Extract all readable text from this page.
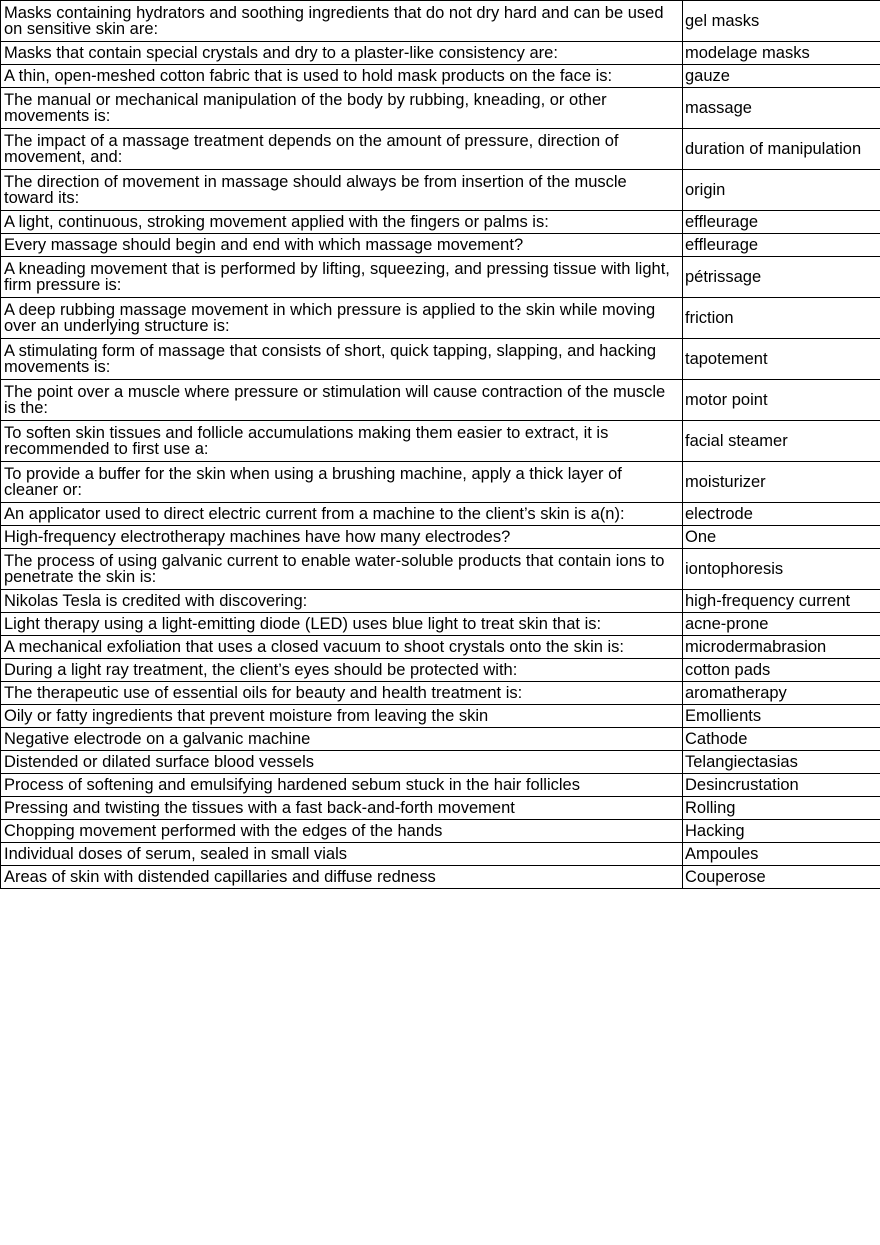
Masks containing hydrators and soothing ingredients that do not dry hard and can be used on sensitive skin are:	gel masks
Masks that contain special crystals and dry to a plaster-like consistency are:	modelage masks
A thin, open-meshed cotton fabric that is used to hold mask products on the face is:	gauze
The manual or mechanical manipulation of the body by rubbing, kneading, or other movements is:	massage
The impact of a massage treatment depends on the amount of pressure, direction of movement, and:	duration of manipulation
The direction of movement in massage should always be from insertion of the muscle toward its:	origin
A light, continuous, stroking movement applied with the fingers or palms is:	effleurage
Every massage should begin and end with which massage movement?	effleurage
A kneading movement that is performed by lifting, squeezing, and pressing tissue with light, firm pressure is:	pétrissage
A deep rubbing massage movement in which pressure is applied to the skin while moving over an underlying structure is:	friction
A stimulating form of massage that consists of short, quick tapping, slapping, and hacking movements is:	tapotement
The point over a muscle where pressure or stimulation will cause contraction of the muscle is the:	motor point
To soften skin tissues and follicle accumulations making them easier to extract, it is recommended to first use a:	facial steamer
To provide a buffer for the skin when using a brushing machine, apply a thick layer of cleaner or:	moisturizer
An applicator used to direct electric current from a machine to the client’s skin is a(n):	electrode
High-frequency electrotherapy machines have how many electrodes?	One
The process of using galvanic current to enable water-soluble products that contain ions to penetrate the skin is:	iontophoresis
Nikolas Tesla is credited with discovering:	high-frequency current
Light therapy using a light-emitting diode (LED) uses blue light to treat skin that is:	acne-prone
A mechanical exfoliation that uses a closed vacuum to shoot crystals onto the skin is:	microdermabrasion
During a light ray treatment, the client’s eyes should be protected with:	cotton pads
The therapeutic use of essential oils for beauty and health treatment is:	aromatherapy
Oily or fatty ingredients that prevent moisture from leaving the skin	Emollients
Negative electrode on a galvanic machine	Cathode
Distended or dilated surface blood vessels	Telangiectasias
Process of softening and emulsifying hardened sebum stuck in the hair follicles	Desincrustation
Pressing and twisting the tissues with a fast back-and-forth movement	Rolling
Chopping movement performed with the edges of the hands	Hacking
Individual doses of serum, sealed in small vials	Ampoules
Areas of skin with distended capillaries and diffuse redness	Couperose
